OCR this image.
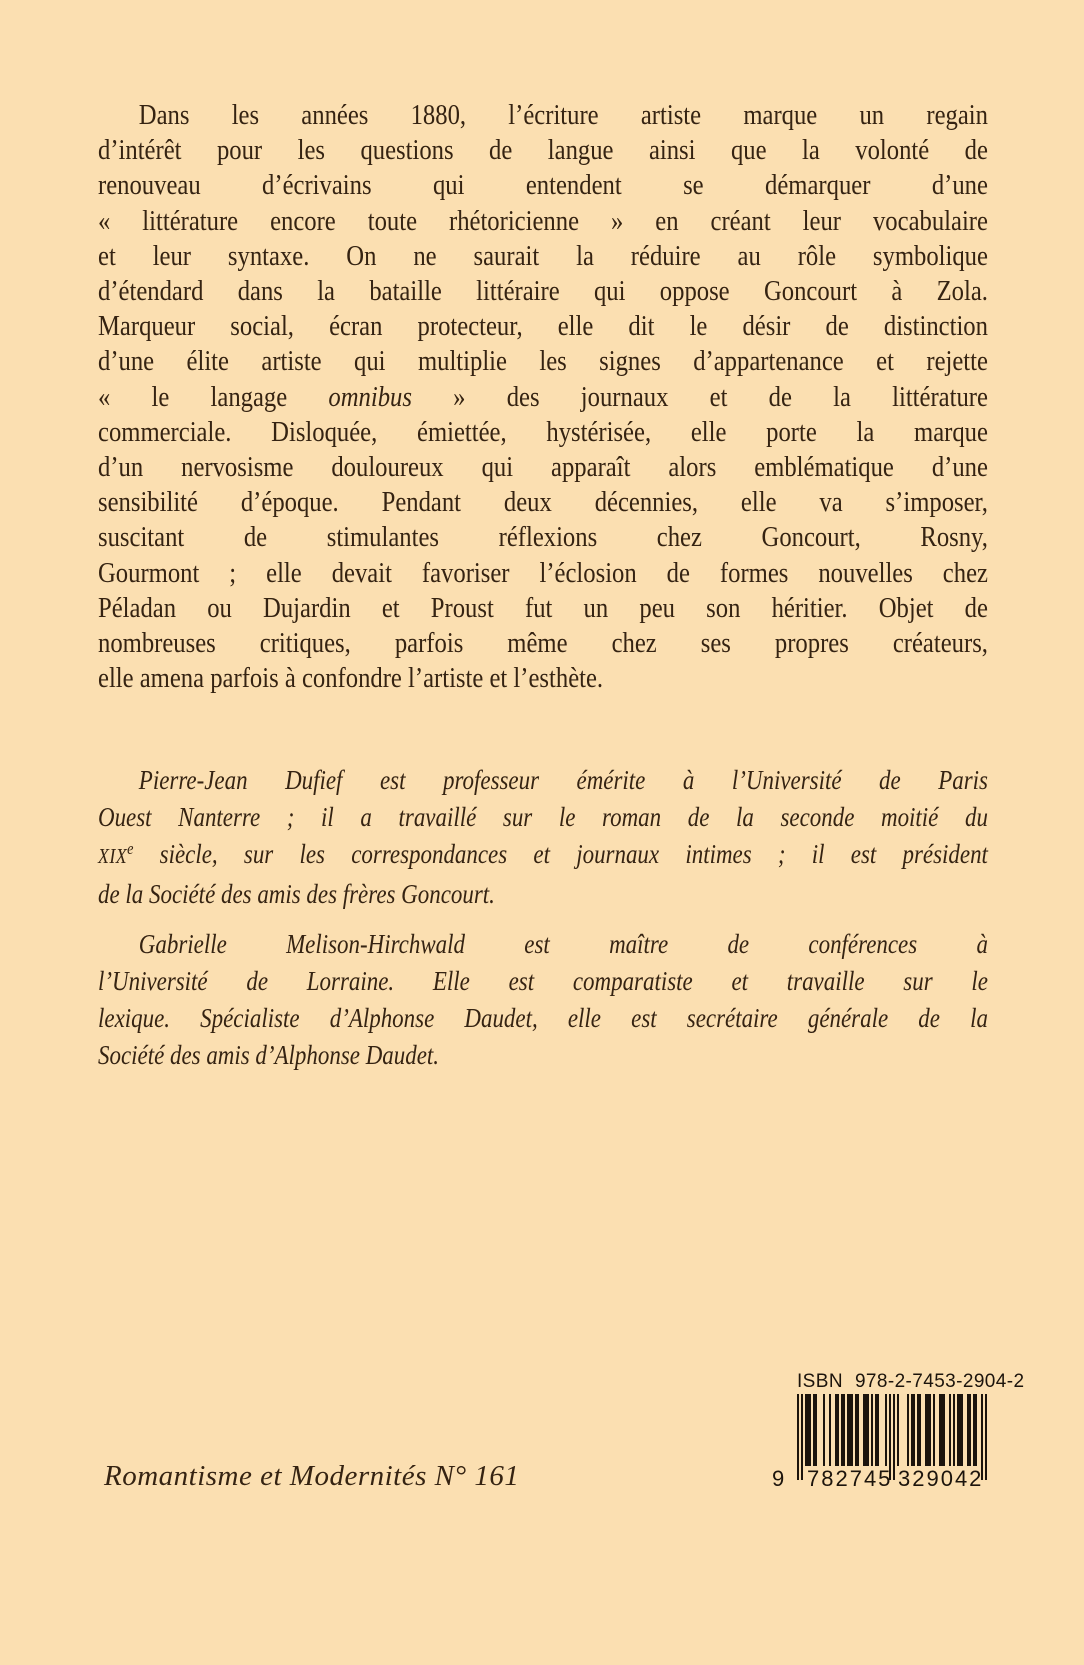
Dans les années 1880, l’écriture artiste marque un regain
d’intérêt pour les questions de langue ainsi que la volonté de
renouveau d’écrivains qui entendent se démarquer d’une
« littérature encore toute rhétoricienne » en créant leur vocabulaire
et leur syntaxe. On ne saurait la réduire au rôle symbolique
d’étendard dans la bataille littéraire qui oppose Goncourt à Zola.
Marqueur social, écran protecteur, elle dit le désir de distinction
d’une élite artiste qui multiplie les signes d’appartenance et rejette
« le langage omnibus » des journaux et de la littérature
commerciale. Disloquée, émiettée, hystérisée, elle porte la marque
d’un nervosisme douloureux qui apparaît alors emblématique d’une
sensibilité d’époque. Pendant deux décennies, elle va s’imposer,
suscitant de stimulantes réflexions chez Goncourt, Rosny,
Gourmont ; elle devait favoriser l’éclosion de formes nouvelles chez
Péladan ou Dujardin et Proust fut un peu son héritier. Objet de
nombreuses critiques, parfois même chez ses propres créateurs,
elle amena parfois à confondre l’artiste et l’esthète.
Pierre-Jean Dufief est professeur émérite à l’Université de Paris
Ouest Nanterre ; il a travaillé sur le roman de la seconde moitié du
XIXe siècle, sur les correspondances et journaux intimes ; il est président
de la Société des amis des frères Goncourt.
Gabrielle Melison-Hirchwald est maître de conférences à
l’Université de Lorraine. Elle est comparatiste et travaille sur le
lexique. Spécialiste d’Alphonse Daudet, elle est secrétaire générale de la
Société des amis d’Alphonse Daudet.
Romantisme et Modernités N° 161
ISBN 978-2-7453-2904-2
9 782745 329042
